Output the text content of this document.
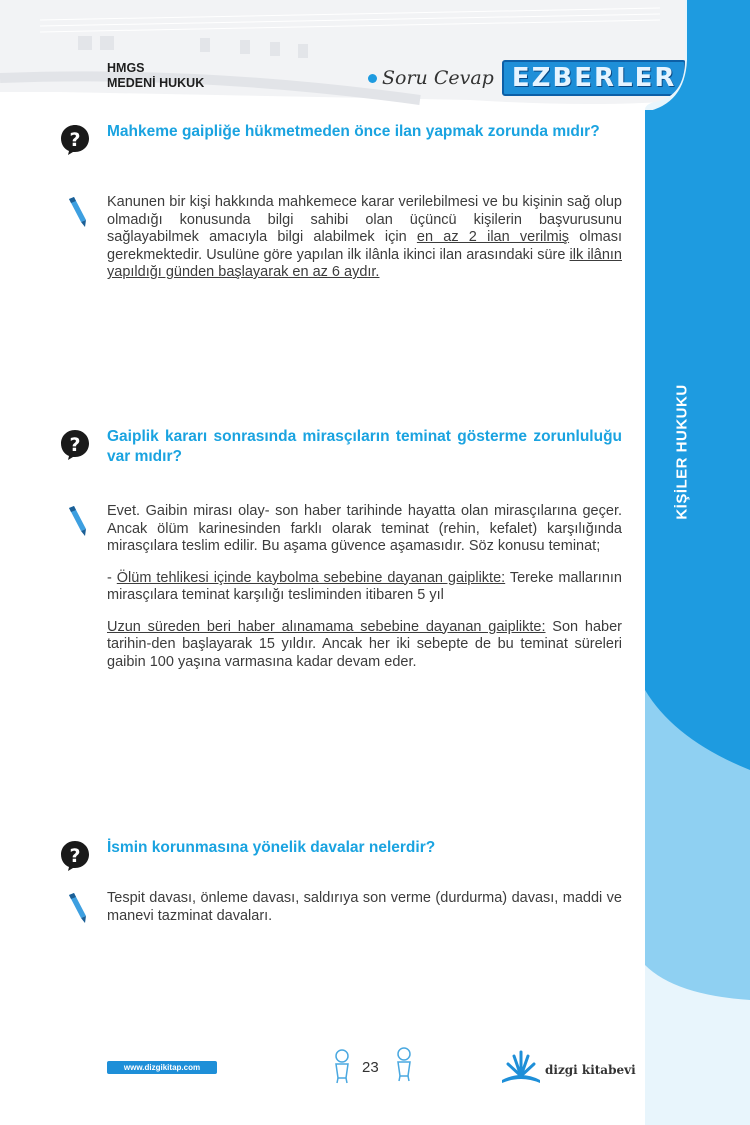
HMGS
MEDENİ HUKUK	Soru Cevap EZBERLER
KİŞİLER HUKUKU
? Mahkeme gaipliğe hükmetmeden önce ilan yapmak zorunda mıdır?

Kanunen bir kişi hakkında mahkemece karar verilebilmesi ve bu kişinin sağ olup olmadığı konusunda bilgi sahibi olan üçüncü kişilerin başvurusunu sağlayabilmek amacıyla bilgi alabilmek için en az 2 ilan verilmiş olması gerekmektedir. Usulüne göre yapılan ilk ilânla ikinci ilan arasındaki süre ilk ilânın yapıldığı günden başlayarak en az 6 aydır.

? Gaiplik kararı sonrasında mirasçıların teminat gösterme zorunluluğu var mıdır?

Evet. Gaibin mirası olay- son haber tarihinde hayatta olan mirasçılarına geçer. Ancak ölüm karinesinden farklı olarak teminat (rehin, kefalet) karşılığında mirasçılara teslim edilir. Bu aşama güvence aşamasıdır. Söz konusu teminat;

- Ölüm tehlikesi içinde kaybolma sebebine dayanan gaiplikte: Tereke mallarının mirasçılara teminat karşılığı tesliminden itibaren 5 yıl

Uzun süreden beri haber alınamama sebebine dayanan gaiplikte: Son haber tarihin-den başlayarak 15 yıldır. Ancak her iki sebepte de bu teminat süreleri gaibin 100 yaşına varmasına kadar devam eder.

? İsmin korunmasına yönelik davalar nelerdir?

Tespit davası, önleme davası, saldırıya son verme (durdurma) davası, maddi ve manevi tazminat davaları.

www.dizgikitap.com	23	dizgi kitabevi
